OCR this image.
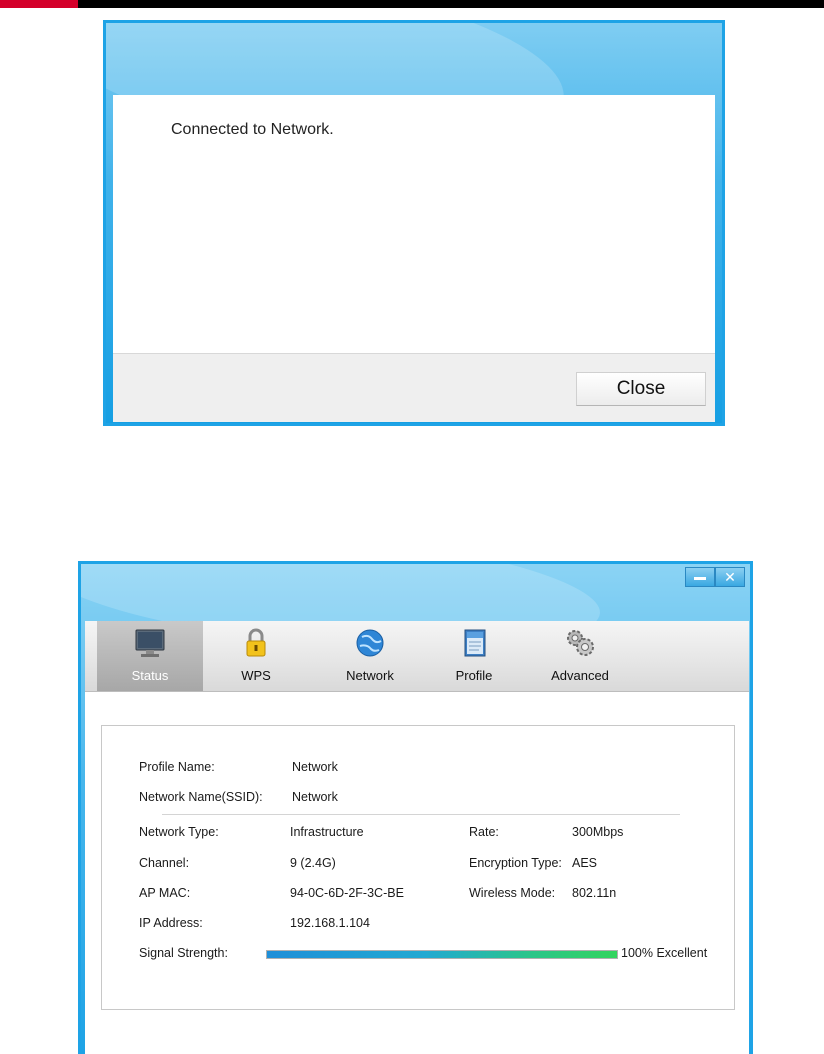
Connected to Network.
Close
✕
Status	WPS	Network	Profile	Advanced
Profile Name:	Network
Network Name(SSID): Network
Network Type:	Infrastructure	Rate:	300Mbps
Channel:	9 (2.4G)	Encryption Type: AES
AP MAC:	94-0C-6D-2F-3C-BE	Wireless Mode: 802.11n
IP Address:	192.168.1.104
Signal Strength:	100% Excellent
